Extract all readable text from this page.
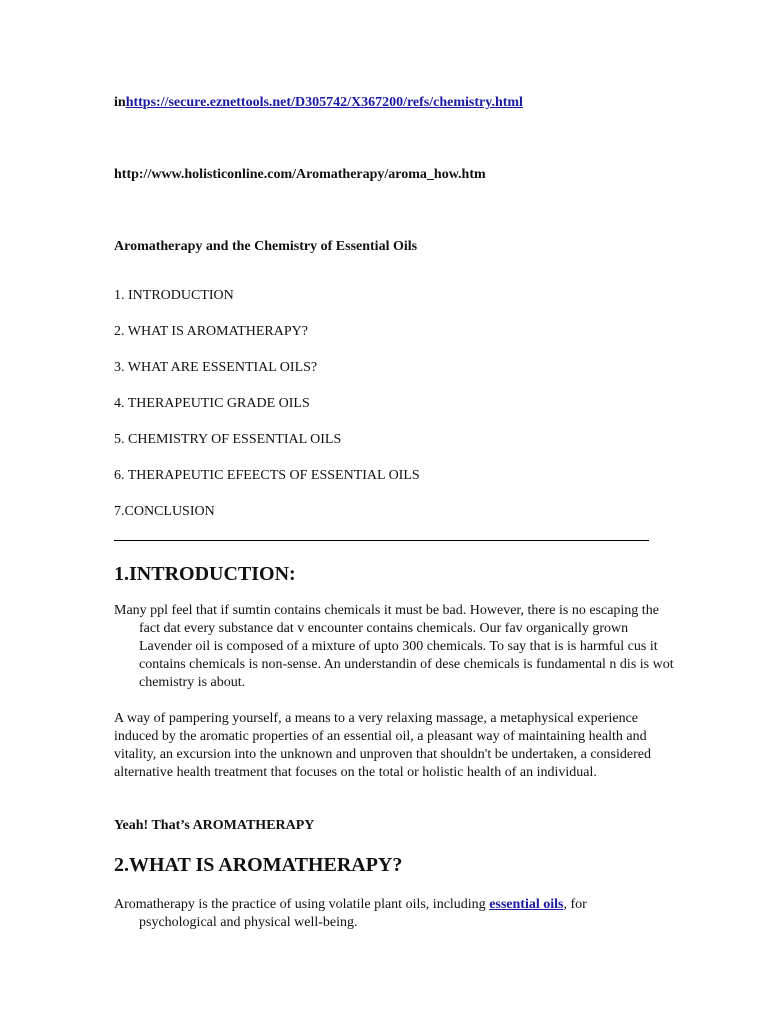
inhttps://secure.eznettools.net/D305742/X367200/refs/chemistry.html

http://www.holisticonline.com/Aromatherapy/aroma_how.htm

Aromatherapy and the Chemistry of Essential Oils

1. INTRODUCTION

2. WHAT IS AROMATHERAPY?

3. WHAT ARE ESSENTIAL OILS?

4. THERAPEUTIC GRADE OILS

5. CHEMISTRY OF ESSENTIAL OILS

6. THERAPEUTIC EFEECTS OF ESSENTIAL OILS

7.CONCLUSION

1.INTRODUCTION:

Many ppl feel that if sumtin contains chemicals it must be bad. However, there is no escaping the fact dat every substance dat v encounter contains chemicals. Our fav organically grown Lavender oil is composed of a mixture of upto 300 chemicals. To say that is is harmful cus it contains chemicals is non-sense. An understandin of dese chemicals is fundamental n dis is wot chemistry is about.

A way of pampering yourself, a means to a very relaxing massage, a metaphysical experience induced by the aromatic properties of an essential oil, a pleasant way of maintaining health and vitality, an excursion into the unknown and unproven that shouldn't be undertaken, a considered alternative health treatment that focuses on the total or holistic health of an individual.

Yeah! That’s AROMATHERAPY

2.WHAT IS AROMATHERAPY?

Aromatherapy is the practice of using volatile plant oils, including essential oils, for psychological and physical well-being.
